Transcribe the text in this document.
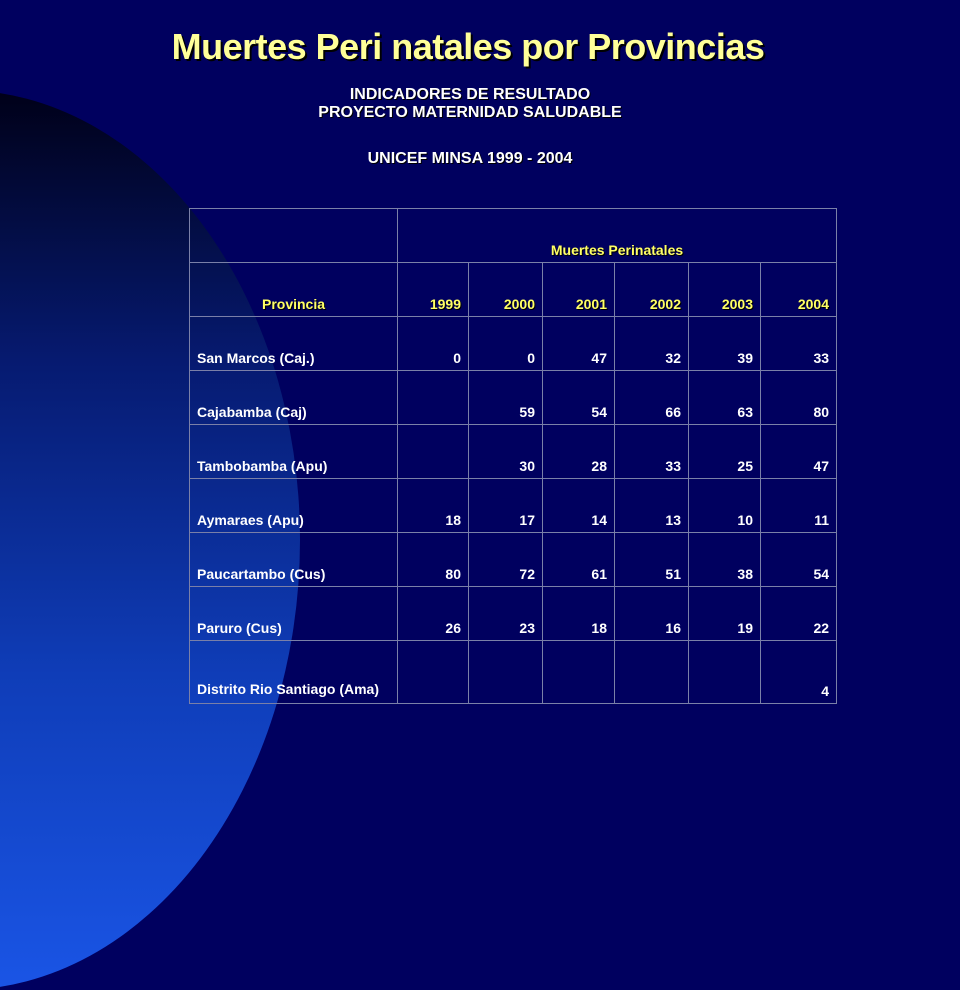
Muertes Peri natales por Provincias
INDICADORES DE RESULTADO
PROYECTO MATERNIDAD SALUDABLE
UNICEF MINSA 1999 - 2004
	Muertes Perinatales					
Provincia	1999	2000	2001	2002	2003	2004
San Marcos (Caj.)	0	0	47	32	39	33
Cajabamba (Caj)		59	54	66	63	80
Tambobamba (Apu)		30	28	33	25	47
Aymaraes (Apu)	18	17	14	13	10	11
Paucartambo (Cus)	80	72	61	51	38	54
Paruro (Cus)	26	23	18	16	19	22
Distrito Rio Santiago (Ama)						4
